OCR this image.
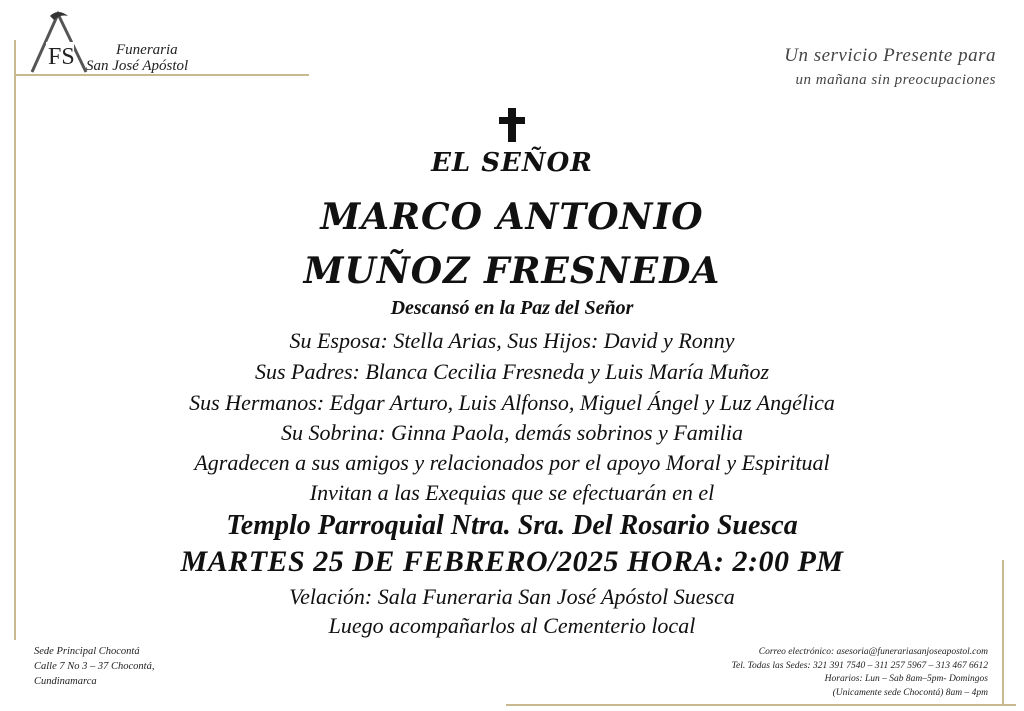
FS	Funeraria
San José Apóstol	Un servicio Presente para
un mañana sin preocupaciones
EL SEÑOR
MARCO ANTONIO
MUÑOZ FRESNEDA
Descansó en la Paz del Señor
Su Esposa: Stella Arias, Sus Hijos: David y Ronny
Sus Padres: Blanca Cecilia Fresneda y Luis María Muñoz
Sus Hermanos: Edgar Arturo, Luis Alfonso, Miguel Ángel y Luz Angélica
Su Sobrina: Ginna Paola, demás sobrinos y Familia
Agradecen a sus amigos y relacionados por el apoyo Moral y Espiritual
Invitan a las Exequias que se efectuarán en el
Templo Parroquial Ntra. Sra. Del Rosario Suesca
MARTES 25 DE FEBRERO/2025 HORA: 2:00 PM
Velación: Sala Funeraria San José Apóstol Suesca
Luego acompañarlos al Cementerio local
Sede Principal Chocontá
Calle 7 No 3 – 37 Chocontá,
Cundinamarca
Correo electrónico: asesoria@funerariasanjoseapostol.com
Tel. Todas las Sedes: 321 391 7540 – 311 257 5967 – 313 467 6612
Horarios: Lun – Sab 8am–5pm- Domingos
(Unicamente sede Chocontá) 8am – 4pm
